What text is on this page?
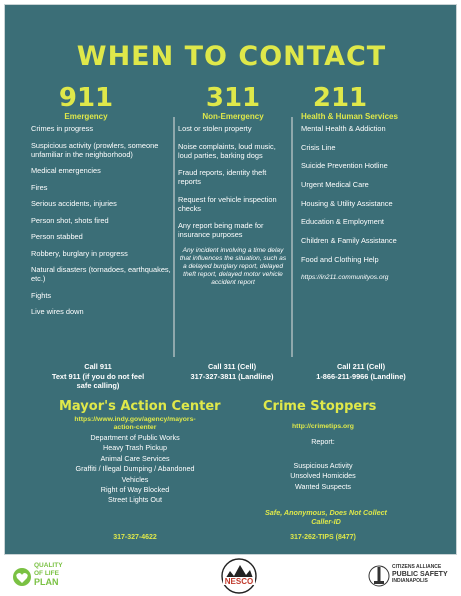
WHEN TO CONTACT
911
Emergency
Crimes in progress
Suspicious activity (prowlers, someone unfamiliar in the neighborhood)
Medical emergencies
Fires
Serious accidents, injuries
Person shot, shots fired
Person stabbed
Robbery, burglary in progress
Natural disasters (tornadoes, earthquakes, etc.)
Fights
Live wires down
311
Non-Emergency
Lost or stolen property
Noise complaints, loud music, loud parties, barking dogs
Fraud reports, identity theft reports
Request for vehicle inspection checks
Any report being made for insurance purposes
Any incident involving a time delay that influences the situation, such as a delayed burglary report, delayed theft report, delayed motor vehicle accident report
211
Health & Human Services
Mental Health & Addiction
Crisis Line
Suicide Prevention Hotline
Urgent Medical Care
Housing & Utility Assistance
Education & Employment
Children & Family Assistance
Food and Clothing Help
https://in211.communityos.org
Call 911
Text 911 (if you do not feel
safe calling)
Call 311 (Cell)
317-327-3811 (Landline)
Call 211 (Cell)
1-866-211-9966 (Landline)
Mayor's Action Center
https://www.indy.gov/agency/mayors-
action-center
Department of Public Works
Heavy Trash Pickup
Animal Care Services
Graffiti / Illegal Dumping / Abandoned
Vehicles
Right of Way Blocked
Street Lights Out
317-327-4622
Crime Stoppers
http://crimetips.org
Report:
Suspicious Activity
Unsolved Homicides
Wanted Suspects
Safe, Anonymous, Does Not Collect
Caller-ID
317-262-TIPS (8477)
QUALITY
OF LIFE
PLAN	NESCO
CITIZENS ALLIANCE
PUBLIC SAFETY
INDIANAPOLIS
